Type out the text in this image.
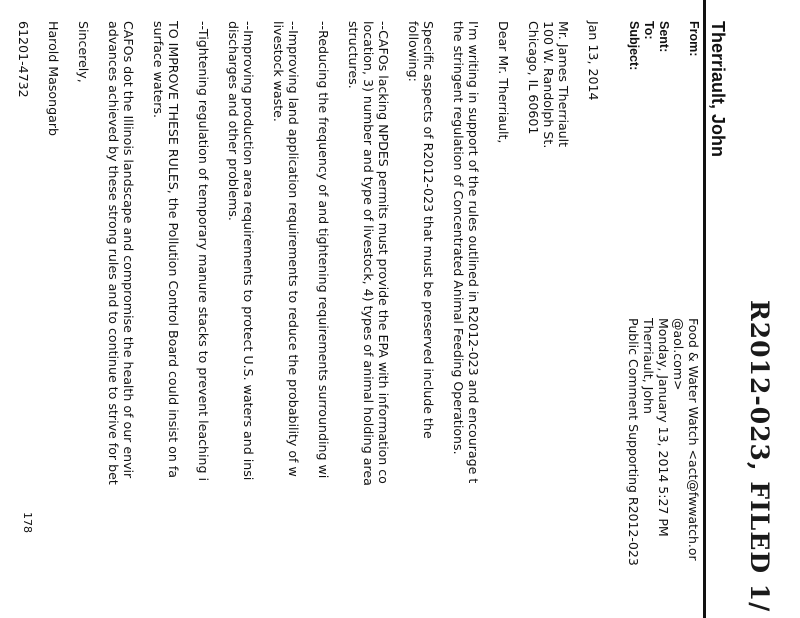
R2012-023, FILED 1/
Therriault, John
From:
Food & Water Watch <act@fwwatch.or
@aol.com>
Sent:
Monday, January 13, 2014 5:27 PM
To:
Therriault, John
Subject:
Public Comment Supporting R2012-023
Jan 13, 2014
Mr. James Therriault
100 W. Randolph St.
Chicago, IL 60601
Dear Mr. Therriault,
I'm writing in support of the rules outlined in R2012-023 and encourage t
the stringent regulation of Concentrated Animal Feeding Operations.
Specific aspects of R2012-023 that must be preserved include the
following:
--CAFOs lacking NPDES permits must provide the EPA with information co
location, 3) number and type of livestock, 4) types of animal holding area
structures.
--Reducing the frequency of and tightening requirements surrounding wi
--Improving land application requirements to reduce the probability of w
livestock waste.
--Improving production area requirements to protect U.S. waters and insi
discharges and other problems.
--Tightening regulation of temporary manure stacks to prevent leaching i
TO IMPROVE THESE RULES, the Pollution Control Board could insist on fa
surface waters.
CAFOs dot the Illinois landscape and compromise the health of our envir
advances achieved by these strong rules and to continue to strive for bet
Sincerely,
Harold Masongarb
61201-4732
178
